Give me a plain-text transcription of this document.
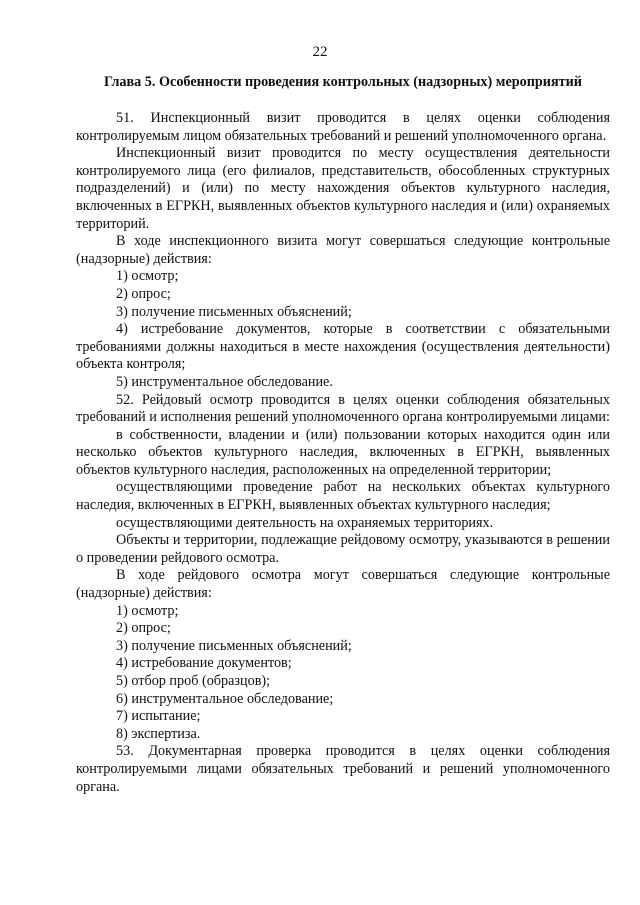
22
Глава 5. Особенности проведения контрольных (надзорных) мероприятий

51. Инспекционный визит проводится в целях оценки соблюдения контролируемым лицом обязательных требований и решений уполномоченного органа.

Инспекционный визит проводится по месту осуществления деятельности контролируемого лица (его филиалов, представительств, обособленных структурных подразделений) и (или) по месту нахождения объектов культурного наследия, включенных в ЕГРКН, выявленных объектов культурного наследия и (или) охраняемых территорий.

В ходе инспекционного визита могут совершаться следующие контрольные (надзорные) действия:

1) осмотр;

2) опрос;

3) получение письменных объяснений;

4) истребование документов, которые в соответствии с обязательными требованиями должны находиться в месте нахождения (осуществления деятельности) объекта контроля;

5) инструментальное обследование.

52. Рейдовый осмотр проводится в целях оценки соблюдения обязательных требований и исполнения решений уполномоченного органа контролируемыми лицами:

в собственности, владении и (или) пользовании которых находится один или несколько объектов культурного наследия, включенных в ЕГРКН, выявленных объектов культурного наследия, расположенных на определенной территории;

осуществляющими проведение работ на нескольких объектах культурного наследия, включенных в ЕГРКН, выявленных объектах культурного наследия;

осуществляющими деятельность на охраняемых территориях.

Объекты и территории, подлежащие рейдовому осмотру, указываются в решении о проведении рейдового осмотра.

В ходе рейдового осмотра могут совершаться следующие контрольные (надзорные) действия:

1) осмотр;

2) опрос;

3) получение письменных объяснений;

4) истребование документов;

5) отбор проб (образцов);

6) инструментальное обследование;

7) испытание;

8) экспертиза.

53. Документарная проверка проводится в целях оценки соблюдения контролируемыми лицами обязательных требований и решений уполномоченного органа.
